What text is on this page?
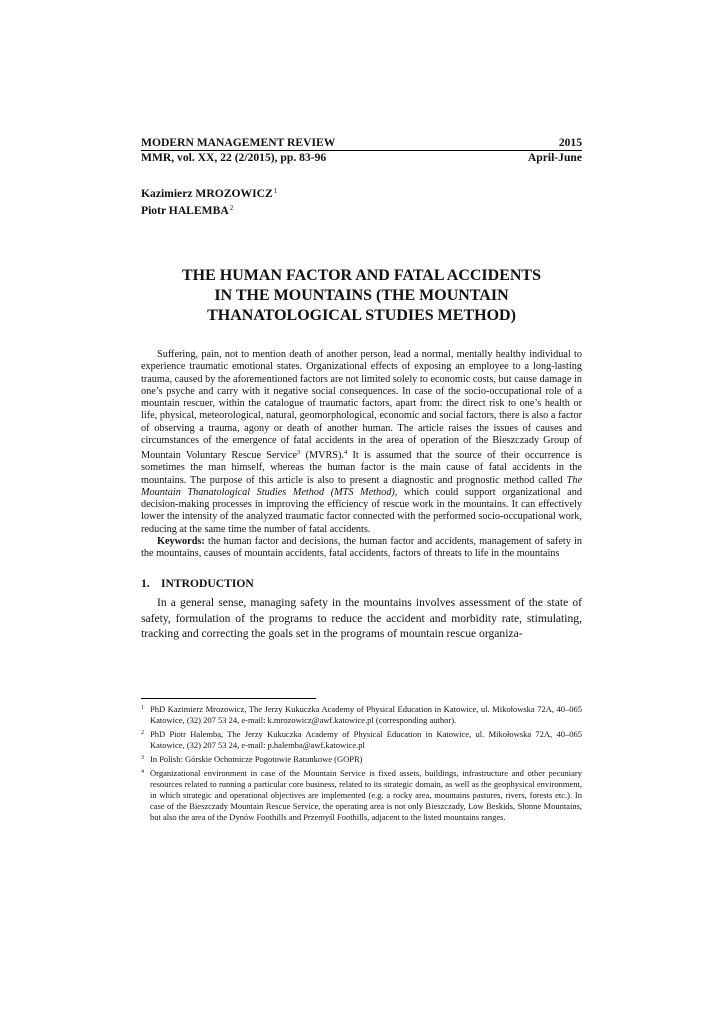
MODERN MANAGEMENT REVIEW	2015
MMR, vol. XX, 22 (2/2015), pp. 83-96	April-June
Kazimierz MROZOWICZ$^1$
Piotr HALEMBA$^2$
THE HUMAN FACTOR AND FATAL ACCIDENTS
IN THE MOUNTAINS (THE MOUNTAIN
THANATOLOGICAL STUDIES METHOD)

Suffering, pain, not to mention death of another person, lead a normal, mentally healthy individual to experience traumatic emotional states. Organizational effects of exposing an employee to a long-lasting trauma, caused by the aforementioned factors are not limited solely to economic costs, but cause damage in one’s psyche and carry with it negative social consequences. In case of the socio-occupational role of a mountain rescuer, within the catalogue of traumatic factors, apart from: the direct risk to one’s health or life, physical, meteorological, natural, geomorphological, economic and social factors, there is also a factor of observing a trauma, agony or death of another human. The article raises the issues of causes and circumstances of the emergence of fatal accidents in the area of operation of the Bieszczady Group of Mountain Voluntary Rescue Service$^3$ (MVRS).$^4$ It is assumed that the source of their occurrence is sometimes the man himself, whereas the human factor is the main cause of fatal accidents in the mountains. The purpose of this article is also to present a diagnostic and prognostic method called The Mountain Thanatological Studies Method (MTS Method), which could support organizational and decision-making processes in improving the efficiency of rescue work in the mountains. It can effectively lower the intensity of the analyzed traumatic factor connected with the performed socio-occupational work, reducing at the same time the number of fatal accidents.

Keywords: the human factor and decisions, the human factor and accidents, management of safety in the mountains, causes of mountain accidents, fatal accidents, factors of threats to life in the mountains

1. INTRODUCTION
In a general sense, managing safety in the mountains involves assessment of the state of safety, formulation of the programs to reduce the accident and morbidity rate, stimulating, tracking and correcting the goals set in the programs of mountain rescue organiza-
1 PhD Kazimierz Mrozowicz, The Jerzy Kukuczka Academy of Physical Education in Katowice, ul. Mikołowska 72A, 40–065 Katowice, (32) 207 53 24, e-mail: k.mrozowicz@awf.katowice.pl (corresponding author).
2 PhD Piotr Halemba, The Jerzy Kukuczka Academy of Physical Education in Katowice, ul. Mikołowska 72A, 40–065 Katowice, (32) 207 53 24, e-mail: p.halemba@awf.katowice.pl
3 In Polish: Górskie Ochotnicze Pogotowie Ratunkowe (GOPR)
4 Organizational environment in case of the Mountain Service is fixed assets, buildings, infrastructure and other pecuniary resources related to running a particular core business, related to its strategic domain, as well as the geophysical environment, in which strategic and operational objectives are implemented (e.g. a rocky area, mountains pastures, rivers, forests etc.). In case of the Bieszczady Mountain Rescue Service, the operating area is not only Bieszczady, Low Beskids, Słonne Mountains, but also the area of the Dynów Foothills and Przemyśl Foothills, adjacent to the listed mountains ranges.
